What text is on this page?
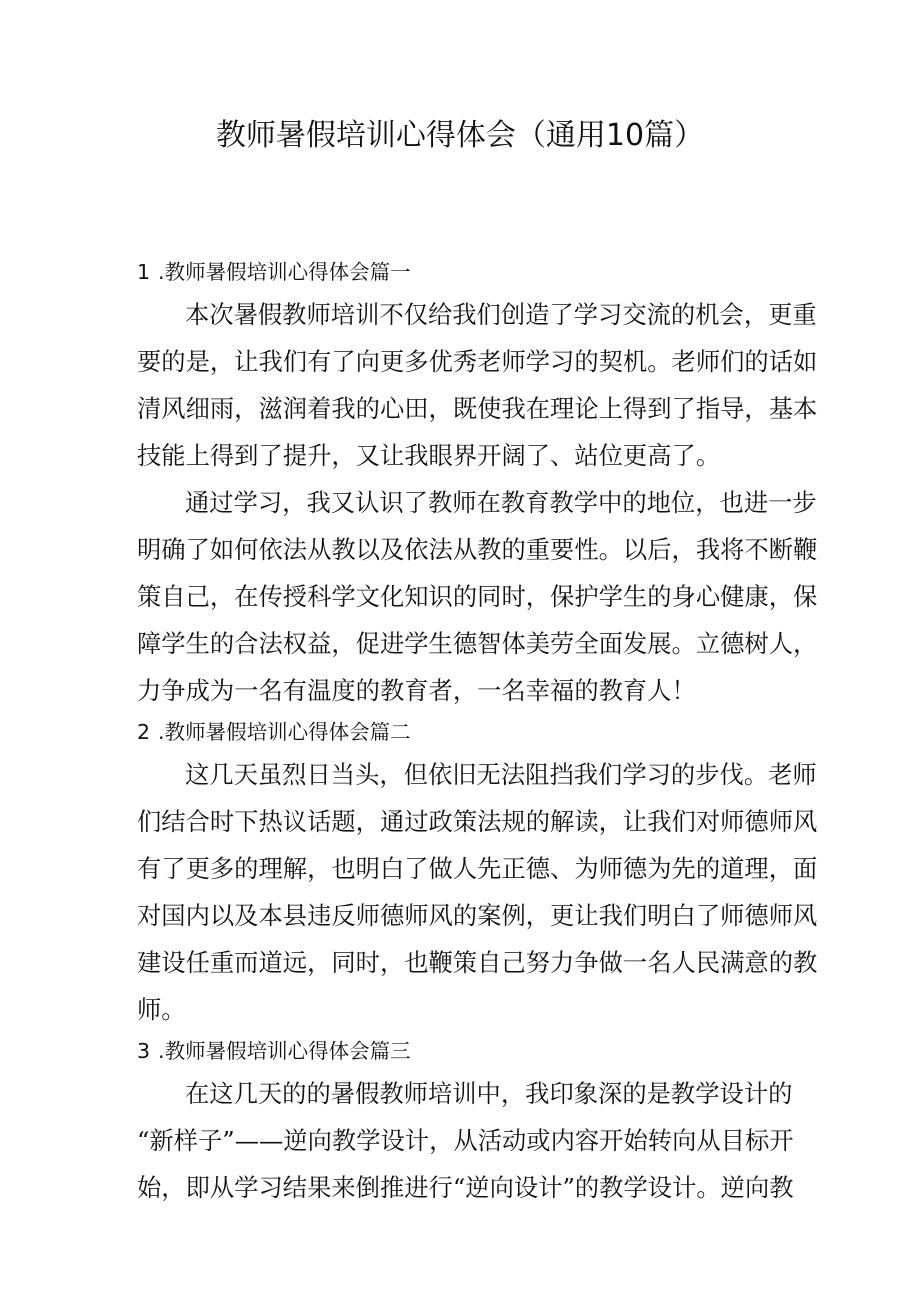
教师暑假培训心得体会（通用10篇）

1 .教师暑假培训心得体会篇一

本次暑假教师培训不仅给我们创造了学习交流的机会，更重
要的是，让我们有了向更多优秀老师学习的契机。老师们的话如
清风细雨，滋润着我的心田，既使我在理论上得到了指导，基本
技能上得到了提升，又让我眼界开阔了、站位更高了。

通过学习，我又认识了教师在教育教学中的地位，也进一步
明确了如何依法从教以及依法从教的重要性。以后，我将不断鞭
策自己，在传授科学文化知识的同时，保护学生的身心健康，保
障学生的合法权益，促进学生德智体美劳全面发展。立德树人，
力争成为一名有温度的教育者，一名幸福的教育人！

2 .教师暑假培训心得体会篇二

这几天虽烈日当头，但依旧无法阻挡我们学习的步伐。老师
们结合时下热议话题，通过政策法规的解读，让我们对师德师风
有了更多的理解，也明白了做人先正德、为师德为先的道理，面
对国内以及本县违反师德师风的案例，更让我们明白了师德师风
建设任重而道远，同时，也鞭策自己努力争做一名人民满意的教
师。

3 .教师暑假培训心得体会篇三

在这几天的的暑假教师培训中，我印象深的是教学设计的
“新样子”——逆向教学设计，从活动或内容开始转向从目标开
始，即从学习结果来倒推进行“逆向设计”的教学设计。逆向教
